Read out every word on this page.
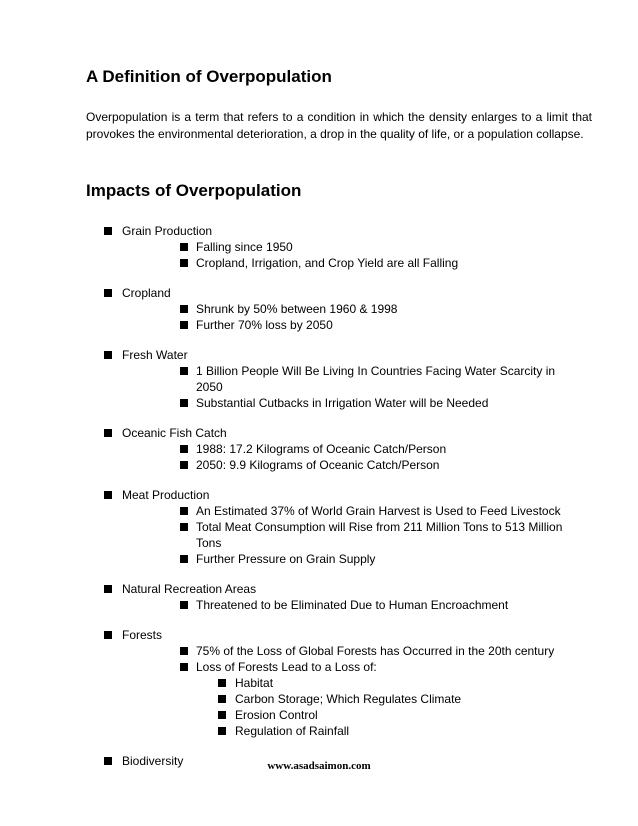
A Definition of Overpopulation

Overpopulation is a term that refers to a condition in which the density enlarges to a limit that provokes the environmental deterioration, a drop in the quality of life, or a population collapse.

Impacts of Overpopulation
Grain Production
Falling since 1950
Cropland, Irrigation, and Crop Yield are all Falling
Cropland
Shrunk by 50% between 1960 & 1998
Further 70% loss by 2050
Fresh Water
1 Billion People Will Be Living In Countries Facing Water Scarcity in 2050
Substantial Cutbacks in Irrigation Water will be Needed
Oceanic Fish Catch
1988: 17.2 Kilograms of Oceanic Catch/Person
2050: 9.9 Kilograms of Oceanic Catch/Person
Meat Production
An Estimated 37% of World Grain Harvest is Used to Feed Livestock
Total Meat Consumption will Rise from 211 Million Tons to 513 Million Tons
Further Pressure on Grain Supply
Natural Recreation Areas
Threatened to be Eliminated Due to Human Encroachment
Forests
75% of the Loss of Global Forests has Occurred in the 20th century
Loss of Forests Lead to a Loss of:
Habitat
Carbon Storage; Which Regulates Climate
Erosion Control
Regulation of Rainfall
Biodiversity	www.asadsaimon.com
